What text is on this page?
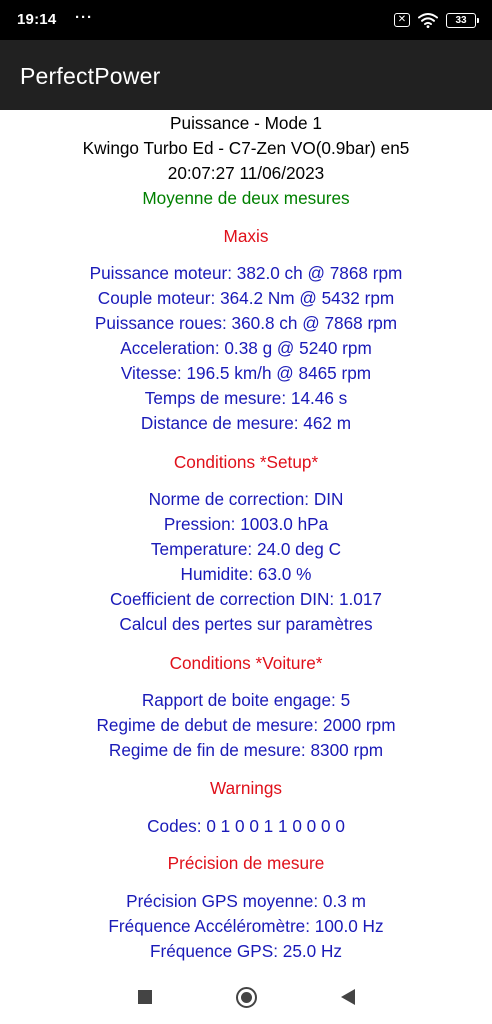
19:14 ···	✕	33
PerfectPower
Puissance - Mode 1
Kwingo Turbo Ed - C7-Zen VO(0.9bar) en5
20:07:27 11/06/2023
Moyenne de deux mesures
Maxis
Puissance moteur: 382.0 ch @ 7868 rpm
Couple moteur: 364.2 Nm @ 5432 rpm
Puissance roues: 360.8 ch @ 7868 rpm
Acceleration: 0.38 g @ 5240 rpm
Vitesse: 196.5 km/h @ 8465 rpm
Temps de mesure: 14.46 s
Distance de mesure: 462 m
Conditions *Setup*
Norme de correction: DIN
Pression: 1003.0 hPa
Temperature: 24.0 deg C
Humidite: 63.0 %
Coefficient de correction DIN: 1.017
Calcul des pertes sur paramètres
Conditions *Voiture*
Rapport de boite engage: 5
Regime de debut de mesure: 2000 rpm
Regime de fin de mesure: 8300 rpm
Warnings
Codes: 0 1 0 0 1 1 0 0 0 0
Précision de mesure
Précision GPS moyenne: 0.3 m
Fréquence Accéléromètre: 100.0 Hz
Fréquence GPS: 25.0 Hz
